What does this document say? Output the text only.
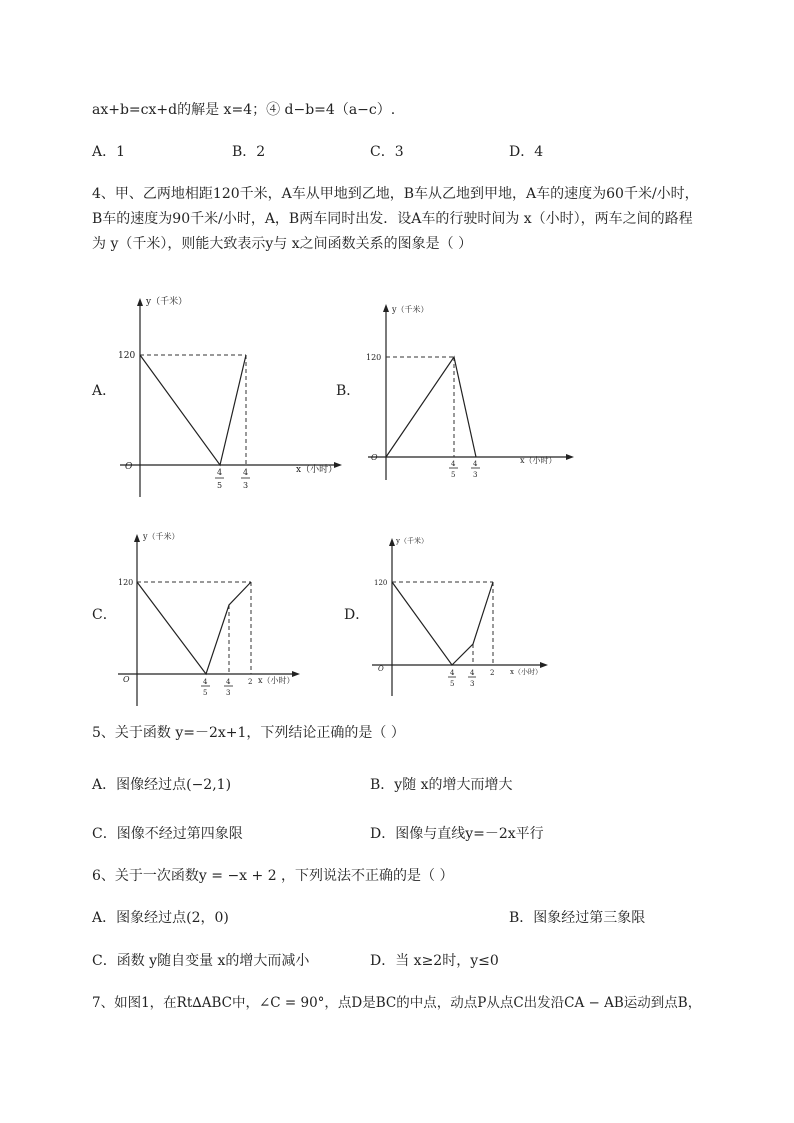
ax+b=cx+d的解是 x=4；④ d−b=4（a−c）.
A．1	B．2	C．3	D．4
4、甲、乙两地相距120千米，A车从甲地到乙地，B车从乙地到甲地，A车的速度为60千米/小时，
B车的速度为90千米/小时，A，B两车同时出发．设A车的行驶时间为 x（小时），两车之间的路程
为 y（千米），则能大致表示y与 x之间函数关系的图象是（ ）
A．	B．
C．	D．
y（千米）
x（小时）
O
120
4
5
4
3
y（千米）
x（小时）
O
120
4
5
4
3
y（千米）
x（小时）
O
120
4
5
4
3
2
y（千米）
x（小时）
O
120
4
5
4
3
2
5、关于函数 y=－2x+1，下列结论正确的是（ ）
A．图像经过点(−2,1)	B．y随 x的增大而增大
C．图像不经过第四象限	D．图像与直线y=－2x平行
6、关于一次函数y = −x + 2 ，下列说法不正确的是（ ）
A．图象经过点(2，0)	B．图象经过第三象限
C．函数 y随自变量 x的增大而减小	D．当 x≥2时，y≤0
7、如图1，在Rt∆ABC中，∠C = 90°，点D是BC的中点，动点P从点C出发沿CA − AB运动到点B，
